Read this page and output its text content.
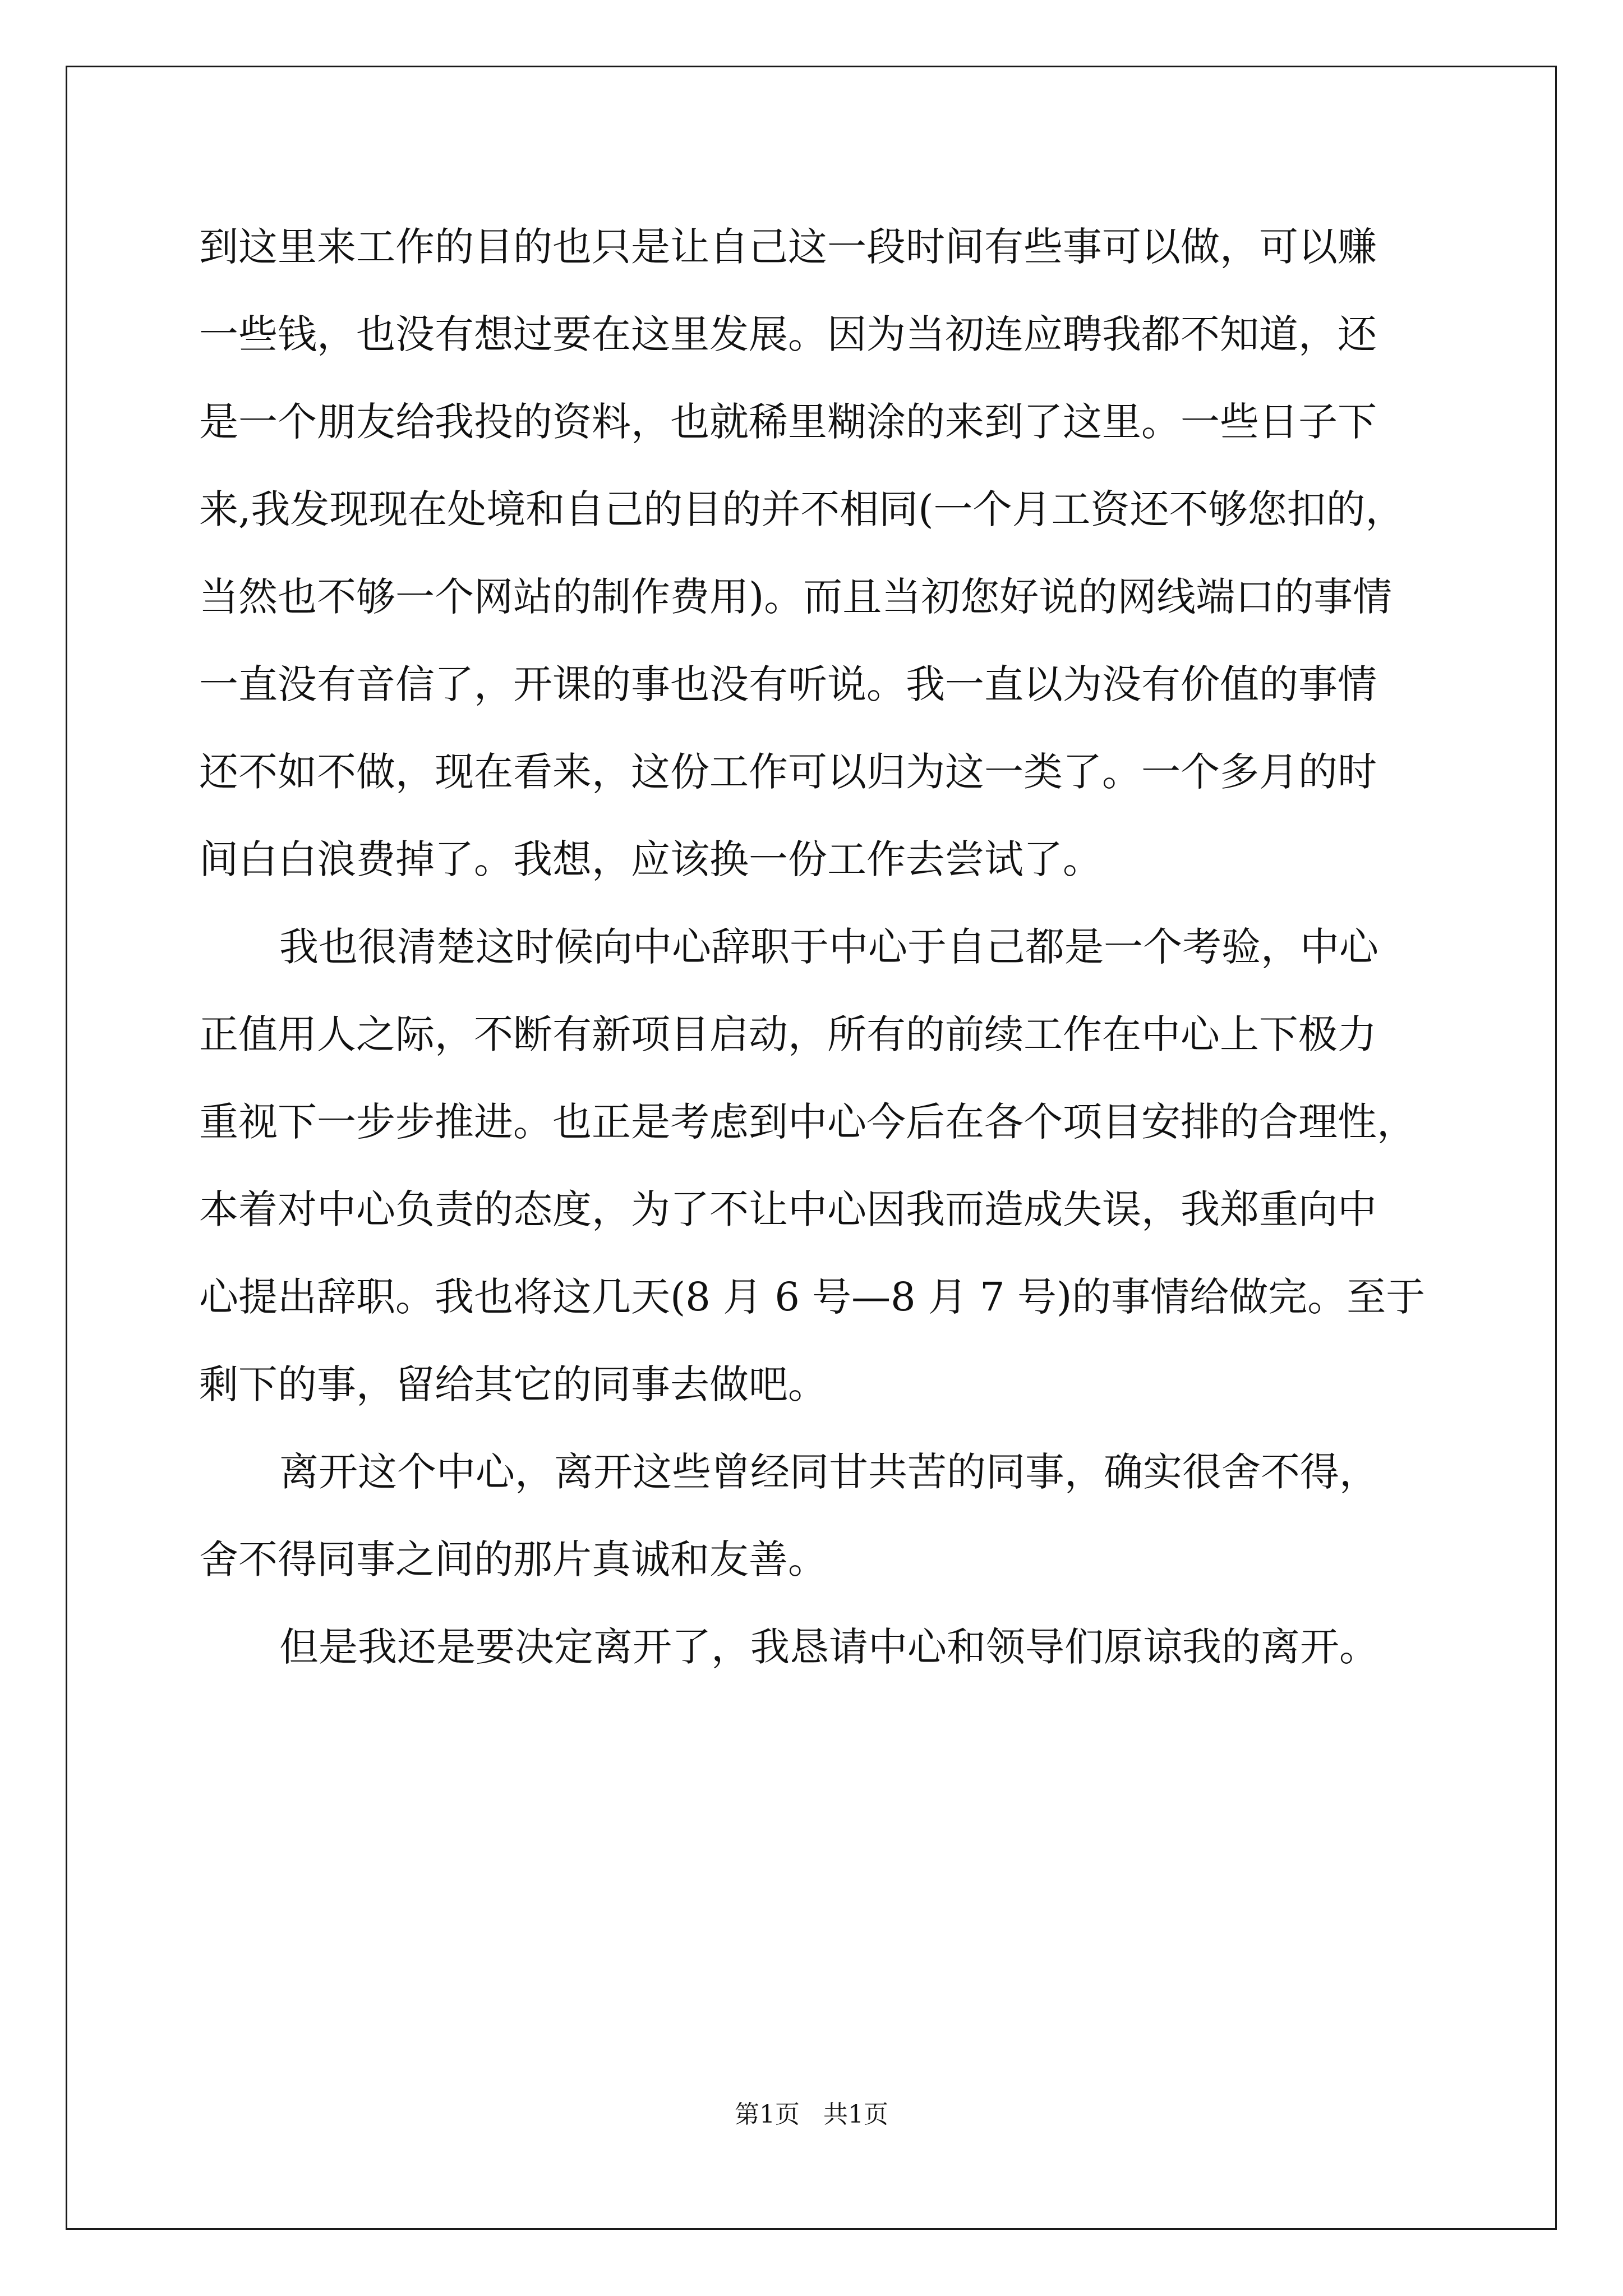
到这里来工作的目的也只是让自己这一段时间有些事可以做，可以赚
一些钱，也没有想过要在这里发展。因为当初连应聘我都不知道，还
是一个朋友给我投的资料，也就稀里糊涂的来到了这里。一些日子下
来,我发现现在处境和自己的目的并不相同(一个月工资还不够您扣的，
当然也不够一个网站的制作费用)。而且当初您好说的网线端口的事情
一直没有音信了，开课的事也没有听说。我一直以为没有价值的事情
还不如不做，现在看来，这份工作可以归为这一类了。一个多月的时
间白白浪费掉了。我想，应该换一份工作去尝试了。
我也很清楚这时候向中心辞职于中心于自己都是一个考验，中心
正值用人之际，不断有新项目启动，所有的前续工作在中心上下极力
重视下一步步推进。也正是考虑到中心今后在各个项目安排的合理性，
本着对中心负责的态度，为了不让中心因我而造成失误，我郑重向中
心提出辞职。我也将这几天(8 月 6 号—8 月 7 号)的事情给做完。至于
剩下的事，留给其它的同事去做吧。
离开这个中心，离开这些曾经同甘共苦的同事，确实很舍不得，
舍不得同事之间的那片真诚和友善。
但是我还是要决定离开了，我恳请中心和领导们原谅我的离开。
第1页   共1页
